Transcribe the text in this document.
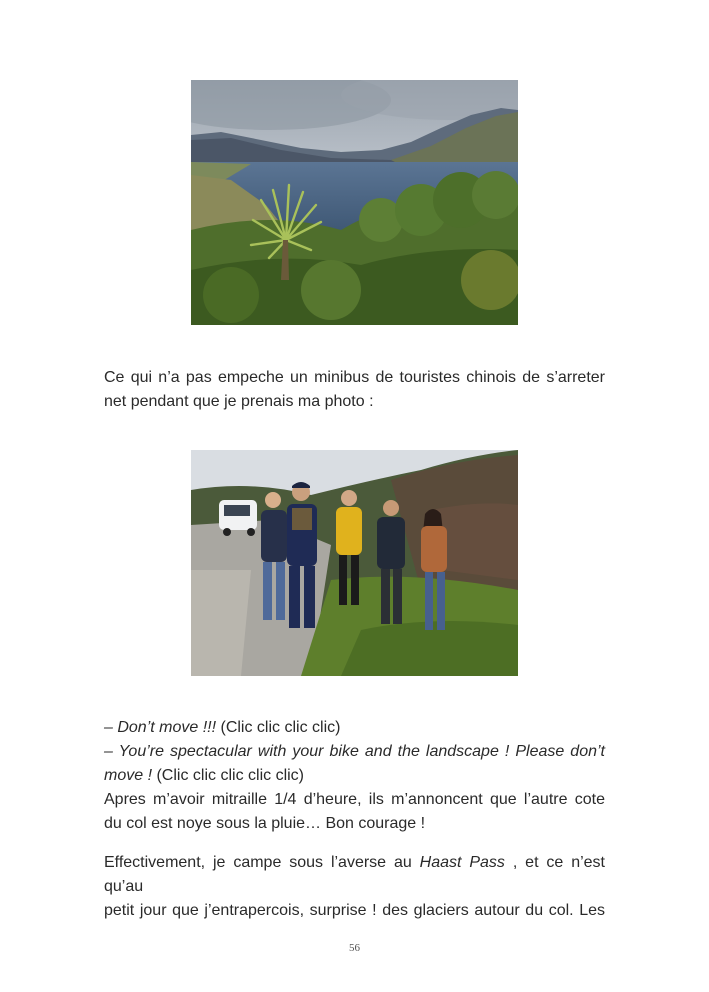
Ce qui n’a pas empeche un minibus de touristes chinois de s’arreter
net pendant que je prenais ma photo :
– Don’t move !!! (Clic clic clic clic)
– You’re spectacular with your bike and the landscape ! Please don’t
move ! (Clic clic clic clic clic)
Apres m’avoir mitraille 1/4 d’heure, ils m’annoncent que l’autre cote
du col est noye sous la pluie… Bon courage !
Effectivement, je campe sous l’averse au Haast Pass , et ce n’est qu’au
petit jour que j’entrapercois, surprise ! des glaciers autour du col. Les
56
